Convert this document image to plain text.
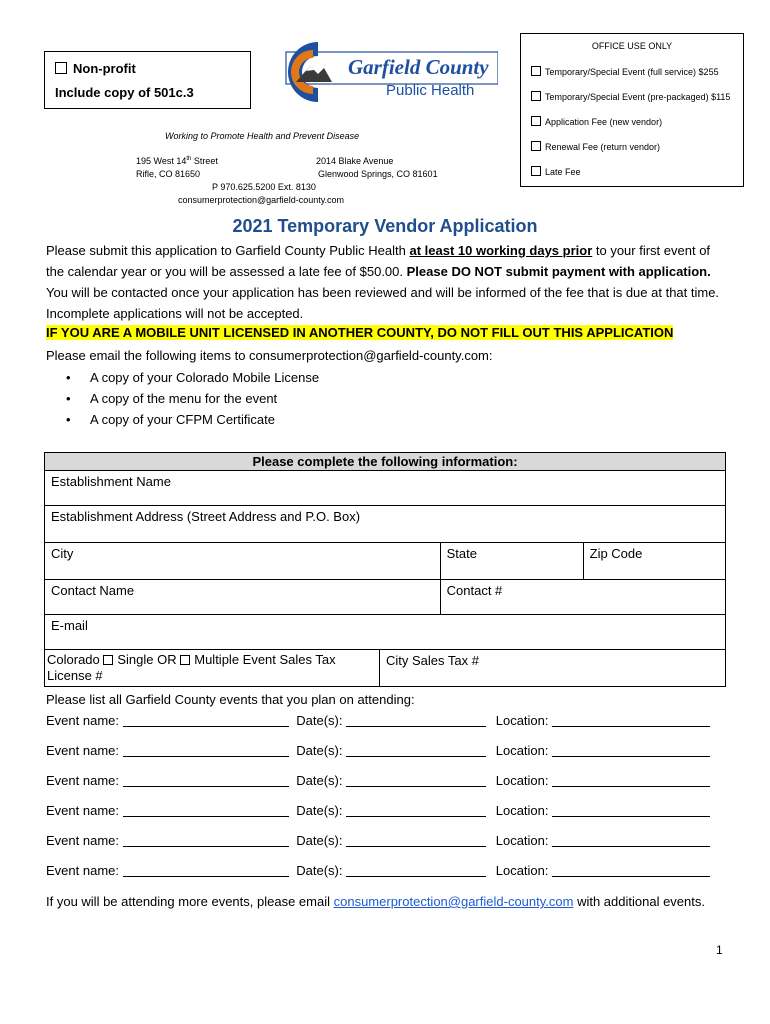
Non-profit
Include copy of 501c.3
Garfield County
Public Health
OFFICE USE ONLY
Temporary/Special Event (full service) $255
Temporary/Special Event (pre-packaged) $115
Application Fee (new vendor)
Renewal Fee (return vendor)
Late Fee
Working to Promote Health and Prevent Disease
195 West 14th Street
Rifle, CO 81650
2014 Blake Avenue
Glenwood Springs, CO 81601
P 970.625.5200 Ext. 8130
consumerprotection@garfield-county.com
2021 Temporary Vendor Application
Please submit this application to Garfield County Public Health at least 10 working days prior to your first event of the calendar year or you will be assessed a late fee of $50.00. Please DO NOT submit payment with application. You will be contacted once your application has been reviewed and will be informed of the fee that is due at that time. Incomplete applications will not be accepted.
IF YOU ARE A MOBILE UNIT LICENSED IN ANOTHER COUNTY, DO NOT FILL OUT THIS APPLICATION
Please email the following items to consumerprotection@garfield-county.com:
• A copy of your Colorado Mobile License
• A copy of the menu for the event
• A copy of your CFPM Certificate
Please complete the following information:			
Establishment Name			
Establishment Address (Street Address and P.O. Box)			
City		State	Zip Code
Contact Name		Contact #	
E-mail			
Colorado Single OR Multiple Event Sales Tax License #	City Sales Tax #		
Please list all Garfield County events that you plan on attending:
Event name:	Date(s):	Location:
Event name:	Date(s):	Location:
Event name:	Date(s):	Location:
Event name:	Date(s):	Location:
Event name:	Date(s):	Location:
Event name:	Date(s):	Location:
If you will be attending more events, please email consumerprotection@garfield-county.com with additional events.
1
